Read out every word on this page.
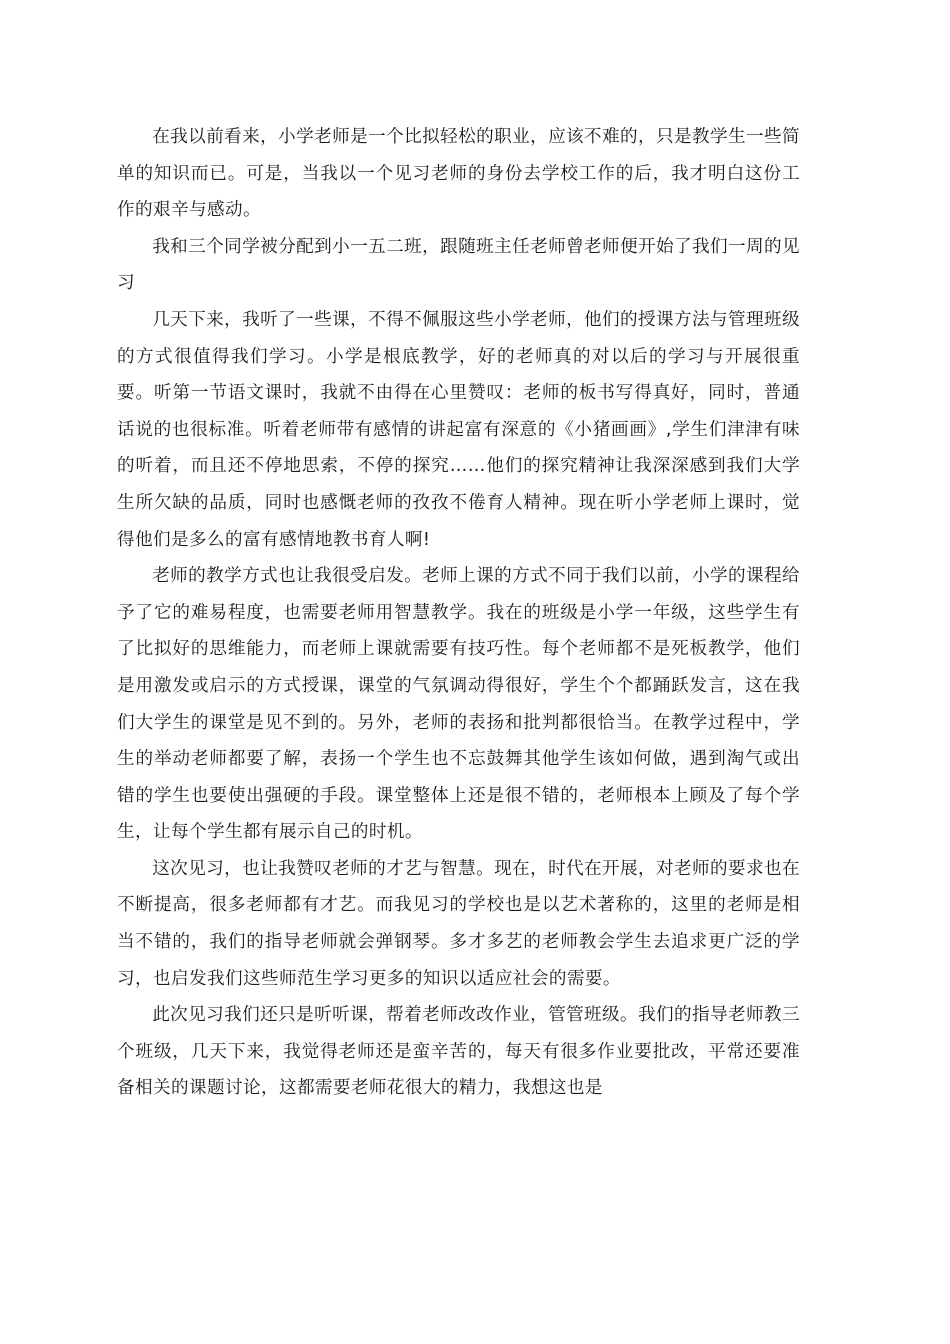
在我以前看来，小学老师是一个比拟轻松的职业，应该不难的，只是教学生一些简单的知识而已。可是，当我以一个见习老师的身份去学校工作的后，我才明白这份工作的艰辛与感动。

我和三个同学被分配到小一五二班，跟随班主任老师曾老师便开始了我们一周的见习

几天下来，我听了一些课，不得不佩服这些小学老师，他们的授课方法与管理班级的方式很值得我们学习。小学是根底教学，好的老师真的对以后的学习与开展很重要。听第一节语文课时，我就不由得在心里赞叹：老师的板书写得真好，同时，普通话说的也很标准。听着老师带有感情的讲起富有深意的《小猪画画》,学生们津津有味的听着，而且还不停地思索，不停的探究……他们的探究精神让我深深感到我们大学生所欠缺的品质，同时也感慨老师的孜孜不倦育人精神。现在听小学老师上课时，觉得他们是多么的富有感情地教书育人啊!

老师的教学方式也让我很受启发。老师上课的方式不同于我们以前，小学的课程给予了它的难易程度，也需要老师用智慧教学。我在的班级是小学一年级，这些学生有了比拟好的思维能力，而老师上课就需要有技巧性。每个老师都不是死板教学，他们是用激发或启示的方式授课，课堂的气氛调动得很好，学生个个都踊跃发言，这在我们大学生的课堂是见不到的。另外，老师的表扬和批判都很恰当。在教学过程中，学生的举动老师都要了解，表扬一个学生也不忘鼓舞其他学生该如何做，遇到淘气或出错的学生也要使出强硬的手段。课堂整体上还是很不错的，老师根本上顾及了每个学生，让每个学生都有展示自己的时机。

这次见习，也让我赞叹老师的才艺与智慧。现在，时代在开展，对老师的要求也在不断提高，很多老师都有才艺。而我见习的学校也是以艺术著称的，这里的老师是相当不错的，我们的指导老师就会弹钢琴。多才多艺的老师教会学生去追求更广泛的学习，也启发我们这些师范生学习更多的知识以适应社会的需要。

此次见习我们还只是听听课，帮着老师改改作业，管管班级。我们的指导老师教三个班级，几天下来，我觉得老师还是蛮辛苦的，每天有很多作业要批改，平常还要准备相关的课题讨论，这都需要老师花很大的精力，我想这也是
